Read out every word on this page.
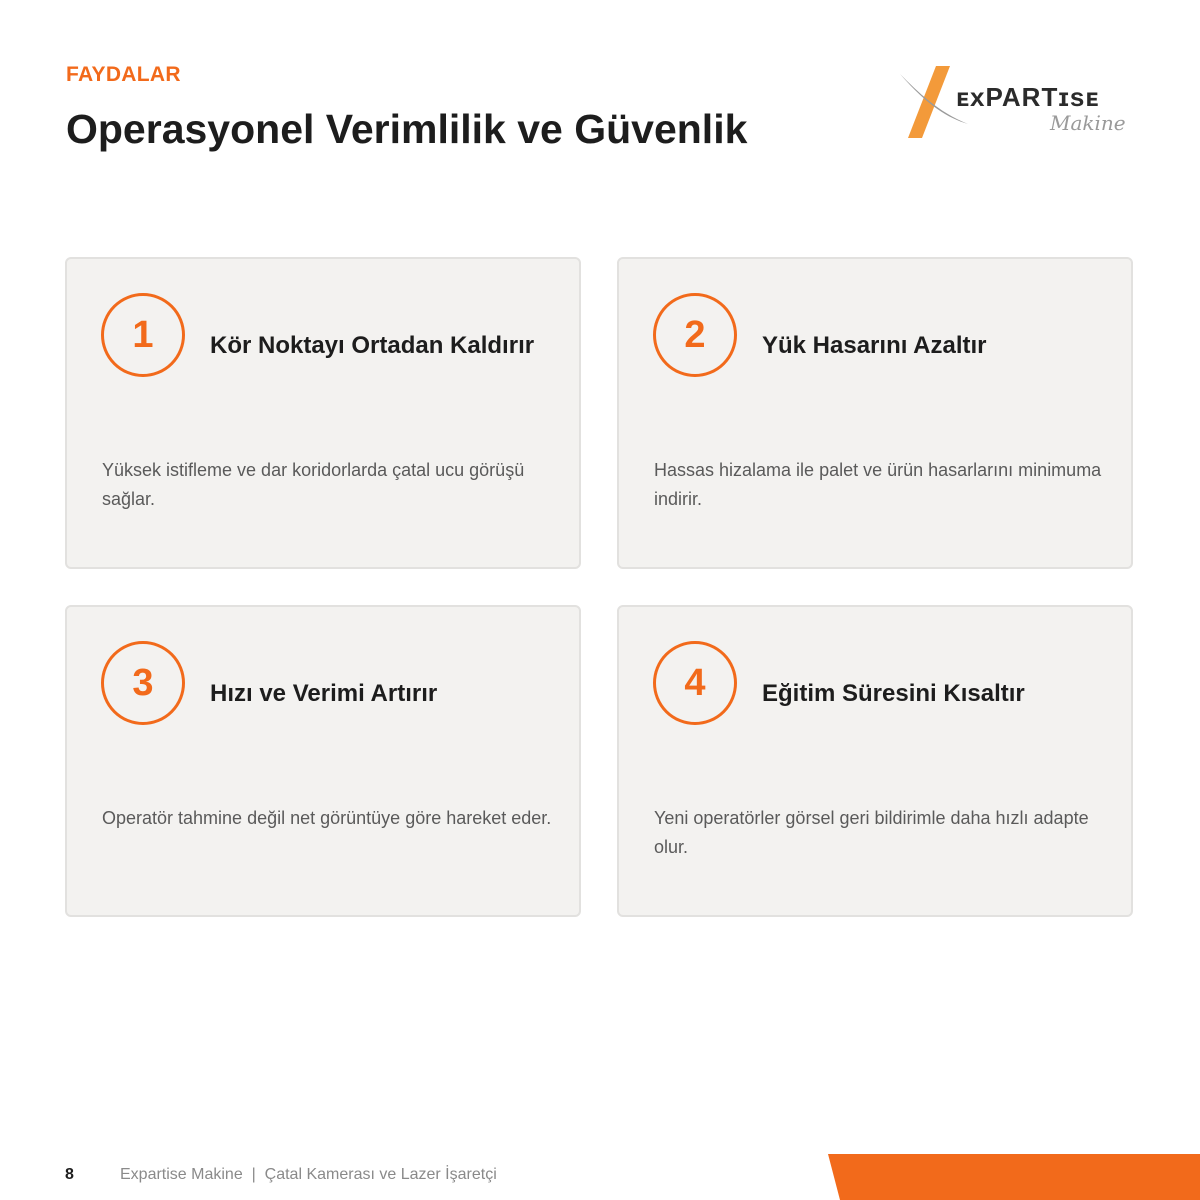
FAYDALAR
Operasyonel Verimlilik ve Güvenlik
ᴇxPARTɪsᴇ
Makine
1	Kör Noktayı Ortadan Kaldırır
Yüksek istifleme ve dar koridorlarda çatal ucu görüşü sağlar.
2	Yük Hasarını Azaltır
Hassas hizalama ile palet ve ürün hasarlarını minimuma indirir.
3	Hızı ve Verimi Artırır
Operatör tahmine değil net görüntüye göre hareket eder.
4	Eğitim Süresini Kısaltır
Yeni operatörler görsel geri bildirimle daha hızlı adapte olur.
8	Expartise Makine  |  Çatal Kamerası ve Lazer İşaretçi
